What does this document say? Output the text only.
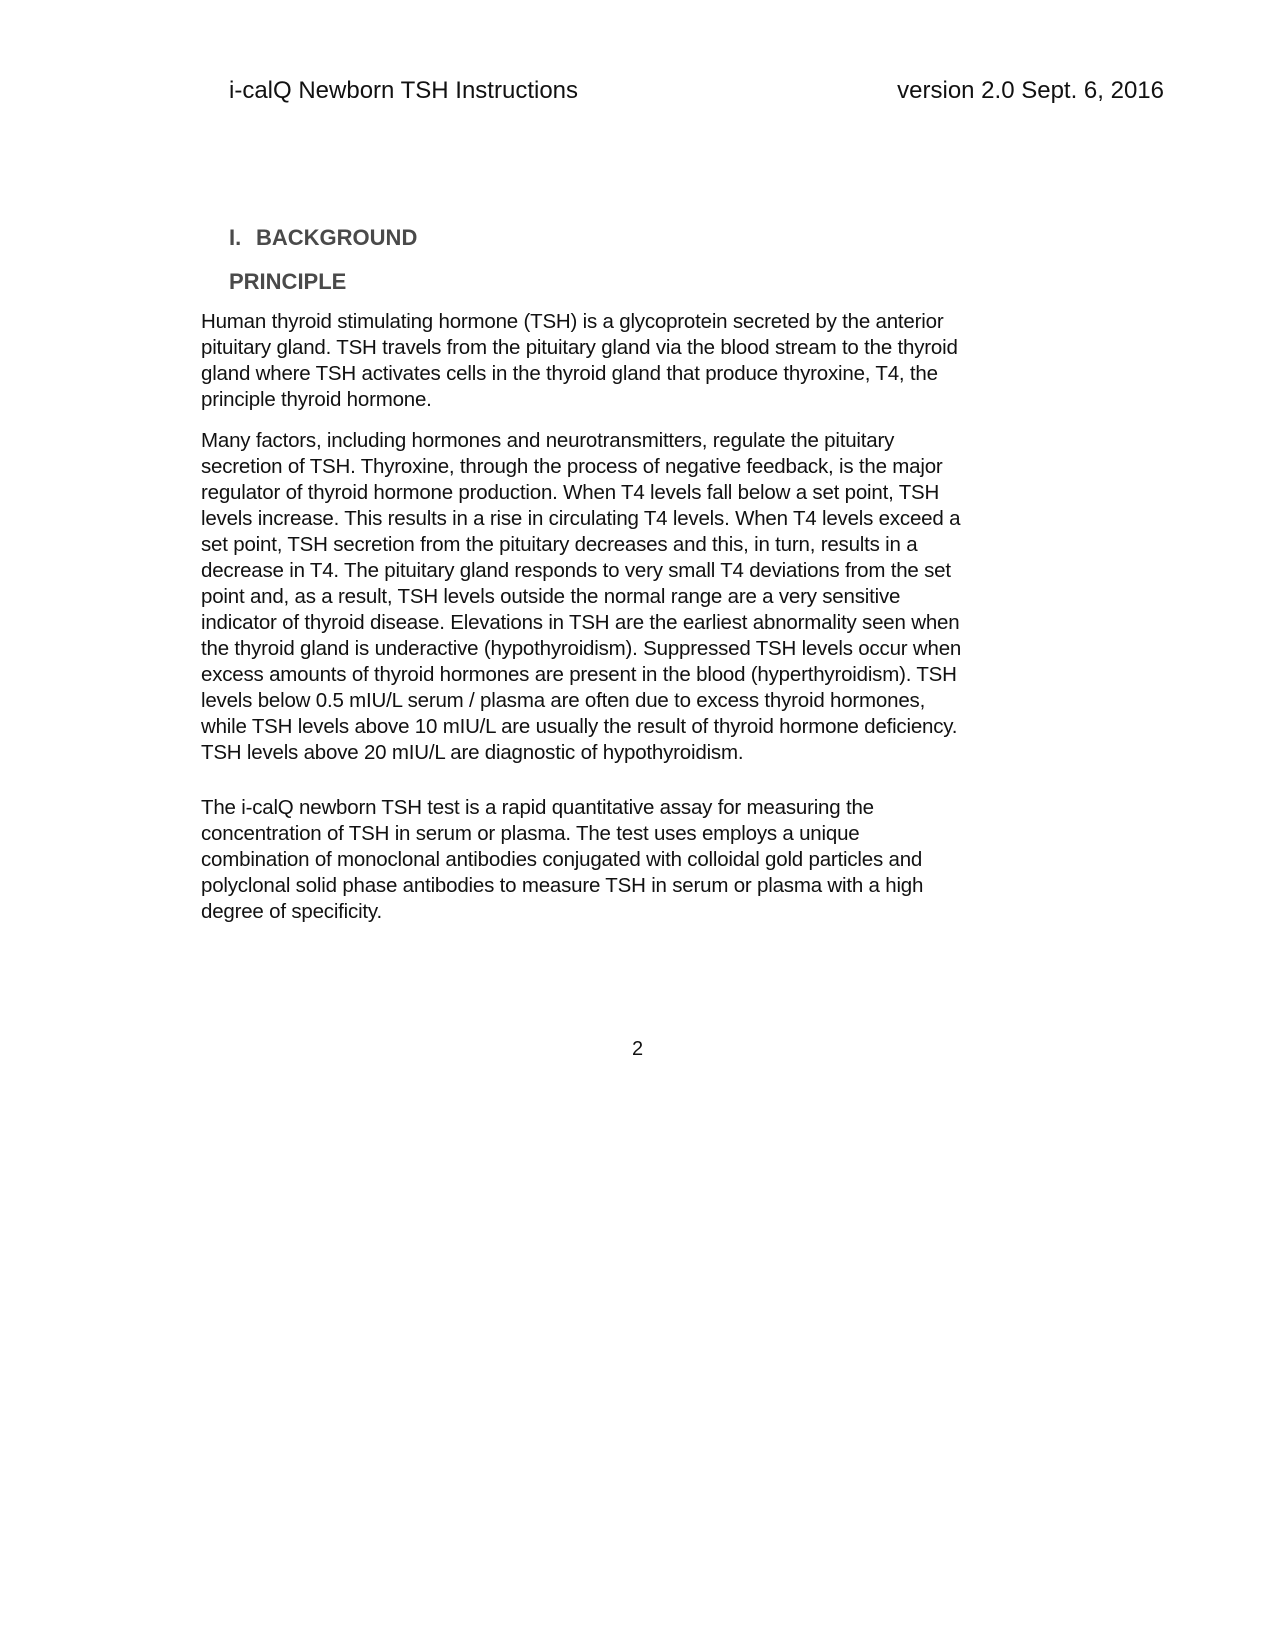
i-calQ Newborn TSH Instructions	version 2.0 Sept. 6, 2016
I. BACKGROUND
PRINCIPLE

Human thyroid stimulating hormone (TSH) is a glycoprotein secreted by the anterior
pituitary gland. TSH travels from the pituitary gland via the blood stream to the thyroid
gland where TSH activates cells in the thyroid gland that produce thyroxine, T4, the
principle thyroid hormone.

Many factors, including hormones and neurotransmitters, regulate the pituitary
secretion of TSH. Thyroxine, through the process of negative feedback, is the major
regulator of thyroid hormone production. When T4 levels fall below a set point, TSH
levels increase. This results in a rise in circulating T4 levels. When T4 levels exceed a
set point, TSH secretion from the pituitary decreases and this, in turn, results in a
decrease in T4. The pituitary gland responds to very small T4 deviations from the set
point and, as a result, TSH levels outside the normal range are a very sensitive
indicator of thyroid disease. Elevations in TSH are the earliest abnormality seen when
the thyroid gland is underactive (hypothyroidism). Suppressed TSH levels occur when
excess amounts of thyroid hormones are present in the blood (hyperthyroidism). TSH
levels below 0.5 mIU/L serum / plasma are often due to excess thyroid hormones,
while TSH levels above 10 mIU/L are usually the result of thyroid hormone deficiency.
TSH levels above 20 mIU/L are diagnostic of hypothyroidism.

The i-calQ newborn TSH test is a rapid quantitative assay for measuring the
concentration of TSH in serum or plasma. The test uses employs a unique
combination of monoclonal antibodies conjugated with colloidal gold particles and
polyclonal solid phase antibodies to measure TSH in serum or plasma with a high
degree of specificity.

2
